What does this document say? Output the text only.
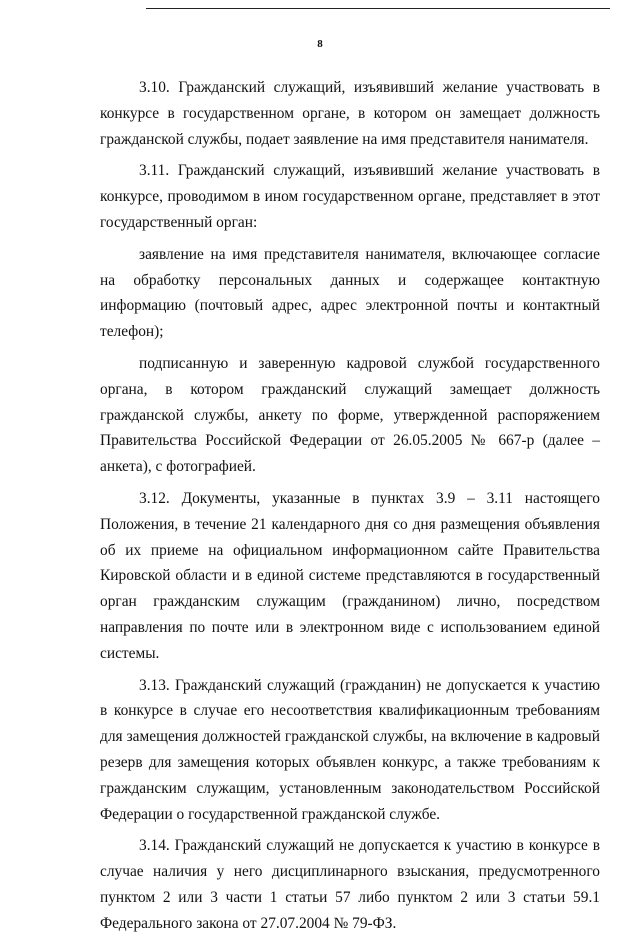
8

3.10. Гражданский служащий, изъявивший желание участвовать в конкурсе в государственном органе, в котором он замещает должность гражданской службы, подает заявление на имя представителя нанимателя.

3.11. Гражданский служащий, изъявивший желание участвовать в конкурсе, проводимом в ином государственном органе, представляет в этот государственный орган:

заявление на имя представителя нанимателя, включающее согласие на обработку персональных данных и содержащее контактную информацию (почтовый адрес, адрес электронной почты и контактный телефон);

подписанную и заверенную кадровой службой государственного органа, в котором гражданский служащий замещает должность гражданской службы, анкету по форме, утвержденной распоряжением Правительства Российской Федерации от 26.05.2005 № 667-р (далее – анкета), с фотографией.

3.12. Документы, указанные в пунктах 3.9 – 3.11 настоящего Положения, в течение 21 календарного дня со дня размещения объявления об их приеме на официальном информационном сайте Правительства Кировской области и в единой системе представляются в государственный орган гражданским служащим (гражданином) лично, посредством направления по почте или в электронном виде с использованием единой системы.

3.13. Гражданский служащий (гражданин) не допускается к участию в конкурсе в случае его несоответствия квалификационным требованиям для замещения должностей гражданской службы, на включение в кадровый резерв для замещения которых объявлен конкурс, а также требованиям к гражданским служащим, установленным законодательством Российской Федерации о государственной гражданской службе.

3.14. Гражданский служащий не допускается к участию в конкурсе в случае наличия у него дисциплинарного взыскания, предусмотренного пунктом 2 или 3 части 1 статьи 57 либо пунктом 2 или 3 статьи 59.1 Федерального закона от 27.07.2004 № 79-ФЗ.
